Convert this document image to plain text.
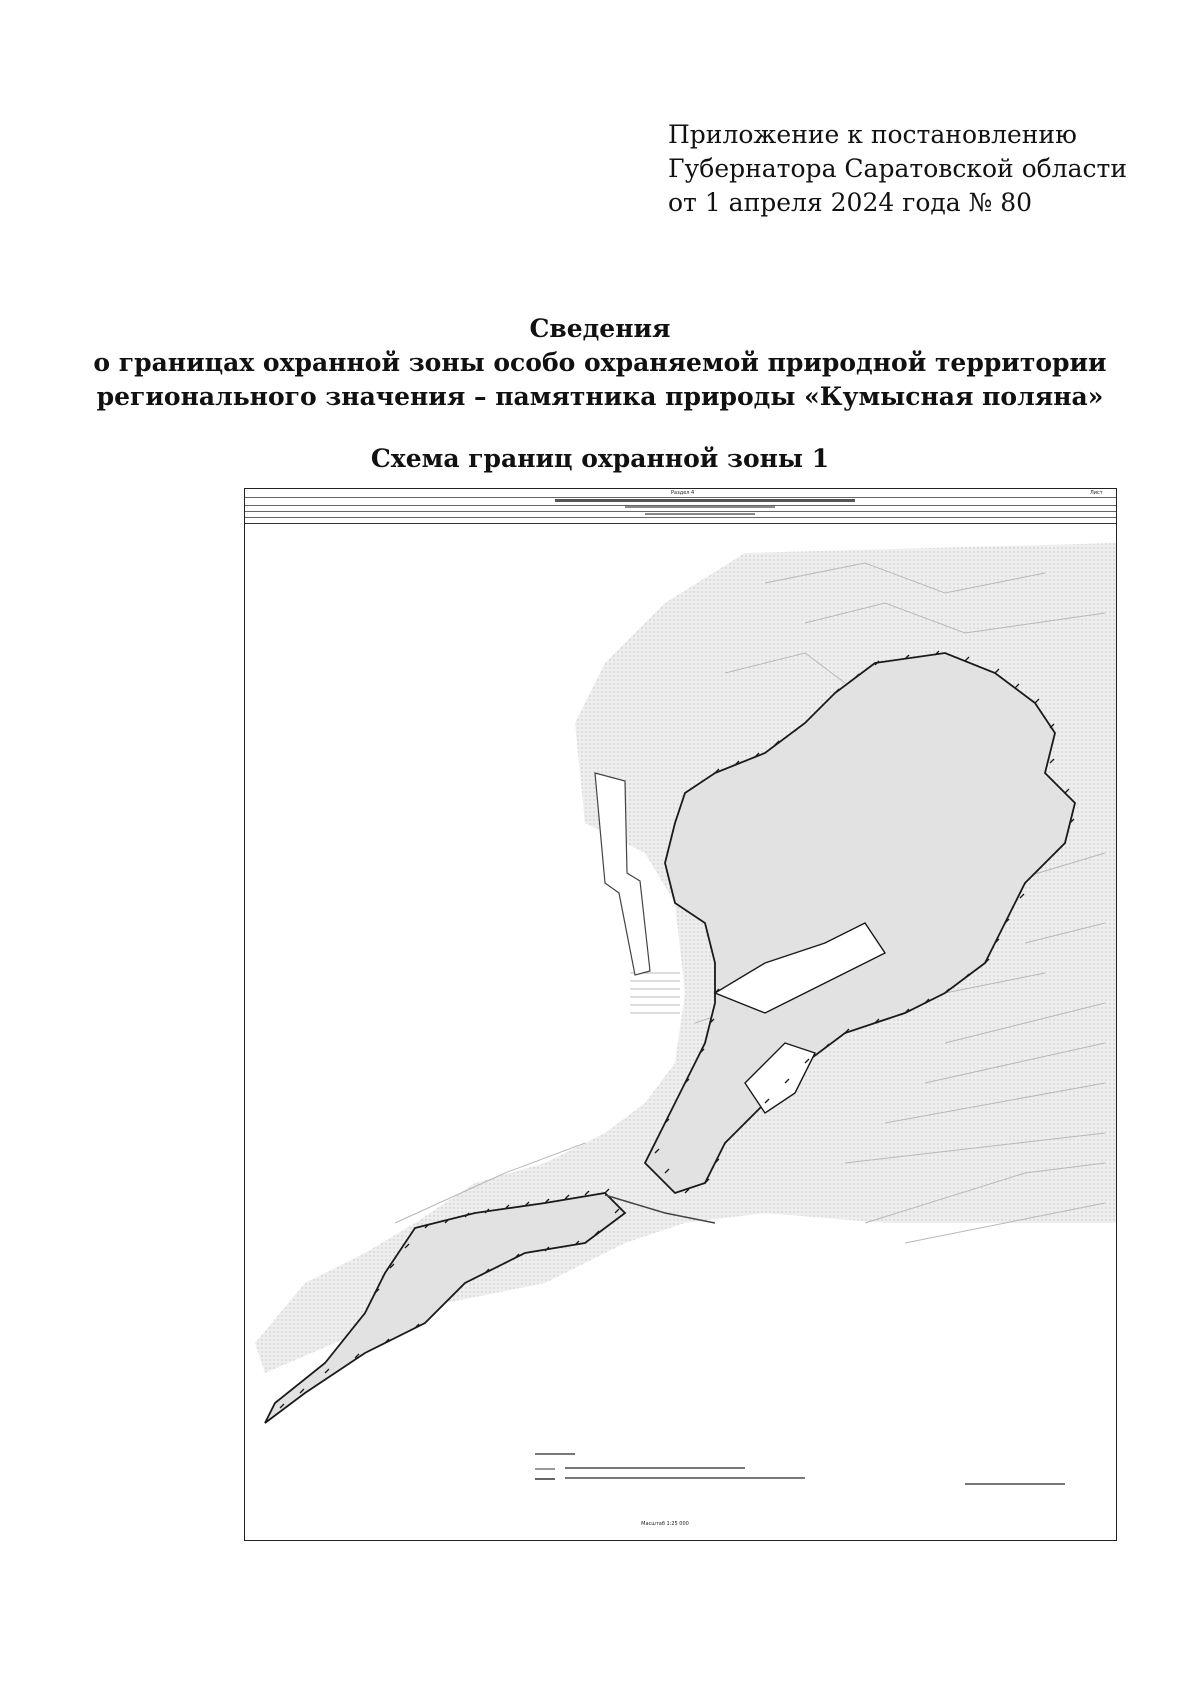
Приложение к постановлению
Губернатора Саратовской области
от 1 апреля 2024 года № 80
Сведения
о границах охранной зоны особо охраняемой природной территории
регионального значения – памятника природы «Кумысная поляна»
Схема границ охранной зоны 1
Раздел 4	Лист
Масштаб 1:25 000
